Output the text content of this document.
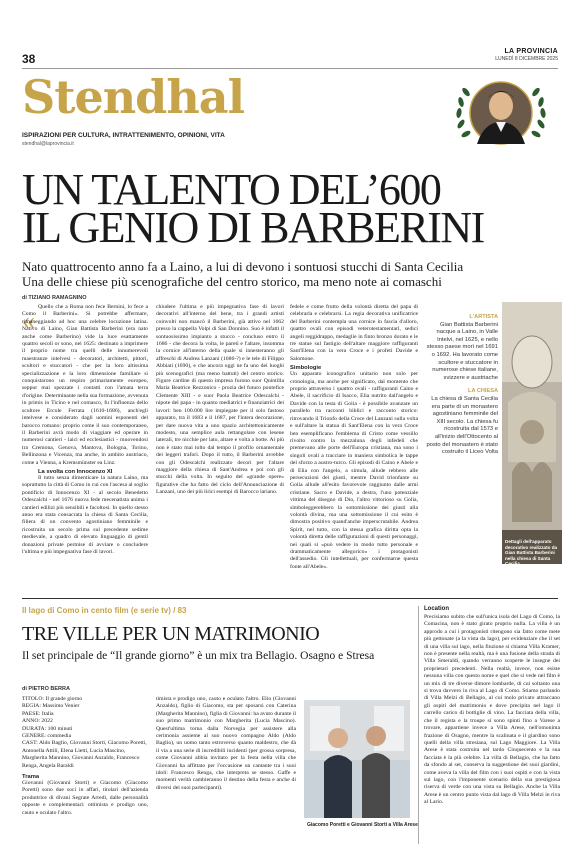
38
LA PROVINCIA
LUNEDÌ 8 DICEMBRE 2025
Stendhal
ISPIRAZIONI PER CULTURA, INTRATTENIMENTO, OPINIONI, VITA
stendhal@laprovincia.it
UN TALENTO DEL’600
IL GENIO DI BARBERINI
Nato quattrocento anno fa a Laino, a lui di devono i sontuosi stucchi di Santa Cecilia
Una delle chiese più scenografiche del centro storico, ma meno note ai comaschi
di TIZIANO RAMAGNINO
« Quello che a Roma non fece Bernini, lo fece a Como il Barberini». Si potrebbe affermare, rimaneggiando ad hoc una celebre locuzione latina. Nativo di Laino, Gian Battista Barberini (era nato anche come Barberino) vide la luce esattamente quattro secoli or sono, nel 1625: destinato a imprimere il proprio nome tra quelli delle innumerevoli maestranze intelvesi - decoratori, architetti, pittori, scultori e stuccatori - che per la loro altissima specializzazione e la loro dimensione familiare si conquistarono un respiro primariamente europeo, seppur mai spezzate i contatti con l'amata terra d'origine. Determinante nella sua formazione, avvenuta in primis in Ticino e nel comasco, fu l'influenza dello scultore Ercole Ferrata (1610-1686), anch'egli intelvese e considerato dagli uomini esponenti del barocco romano: proprio come il suo contemporaneo, il Barberini avrà modo di viaggiare ed operare in numerosi cantieri - laici ed ecclesiastici - muovendosi tra Cremona, Genova, Mantova, Bologna, Torino, Bellinzona e Vicenza, ma anche, in ambito austriaco, come a Vienna, a Kremsmünster ea Linz.

La svolta con Innocenzo XI

Il tutto senza dimenticare la natura Laino, ma soprattutto la città di Como in cui con l'ascesa al soglio pontificio di Innocenzo XI - al secolo Benedetto Odescalchi - nel 1676 nuova fede mecenatista anima i cantieri edilizi più sensibili e facoltosi. In quello stesso anno era stata consacrata la chiesa di Santa Cecilia, filiera di un convento agostiniano femminile e ricostruita un secolo prima sul precedente sedime medievale, a quadro di elevato linguaggio di gentil donazioni private permise di avviare o concludere l'ultima e più impegnativa fase di lavori.

chiudere l'ultima e più impegnativa fase di lavori decorativi all'interno del bene, tra i grandi artisti coinvolti non mancò il Barberini, già attivo nel 1662 presso la cappella Volpi di San Donnino. Suo è infatti il sontuosissimo impianto a stucco - concluso entro il 1686 - che decora la volta, le pareti e l'altare, insomma la cornice all'interno della quale si innesteranno gli affreschi di Andrea Lanzani (1686-?) e le tele di Filippo Abbiati (1690), e che ancora oggi ne fa uno dei luoghi più scenografici (ma meno battuti) del centro storico. Figure cardine di questo impresa furono suor Quintilla Maria Beatrice Rezzonico - prozia del futuro pontefice Clemente XIII - e suor Paola Beatrice Odescalchi - nipote del papa - in quanto mediatrici e finanziatrici dei lavori: ben 100.000 lire impiegate per il solo fastoso apparato, tra il 1683 e il 1687, per l'intera decorazione, per dare nuova vita a uno spazio architettonicamente modesto, una semplice aula rettangolare con lesene laterali, tre nicchie per lato, altare e volta a botte. Ai più non è stato mai tolto dal tempo il profilo ornamentale dei leggeri trafori. Dopo il tutto, il Barberini avrebbe con gli Odescalchi realizzato decori per l'altare maggiore della chiesa di Sant'Andrea e poi con gli stucchi della volta. In seguito del «grande opere» figurative che ha fatto del ciclo dell'Annunciazione di Lanzani, uno dei più lirici esempi di Barocco lariano.

fedele e come frutto della volontà diretta del papa di celebrarla e celebrarsi. La regia decorativa unificatrice del Barberini contempla una cornice in fascia d'alloro, quattro ovali con episodi veterotestamentari, sedici angeli reggidrappo, medaglie in finto bronzo dorato e le tre statue sul fastigio dell'altare maggiore raffiguranti Sant'Elena con la vera Croce e i profeti Davide e Salomone.

Simbologie

Un apparato iconografico unitario non solo per cronologia, ma anche per significato, dal momento che proprio attraverso i quattro ovali - raffiguranti Caino e Abele, il sacrificio di Isacco, Elia nutrito dall'angelo e Davide con la testa di Golia - è possibile avanzare un parallelo tra racconti biblici e racconto storico: ritrovando il Trionfo della Croce del Lanzani sulla volta e sull'altare la statua di Sant'Elena con la vera Croce ben esemplificano l'emblema di Cristo come vessillo rivolto contro la mezzaluna degli infedeli che premevano alle porte dell'Europa cristiana, ma sono i singoli ovali a tracciare in maniera simbolica le tappe del sforzo a austro-turco. Gli episodi di Caino e Abele e di Elia con l'angelo, a simula, allude rebbero alle persecuzioni dei giusti, mentre David trionfante su Golia allude all'esito favorevole raggiunto dalle armi cristiane. Sacro e Davide, a destra, l'uno potenziale vittima del disegno di Dio, l'altro vittorioso su Golia, simboleggerebbero la sottomissione dei giusti alla volontà divina, ma una sottomissione il cui esito è dimostra positivo quand'anche imperscrutabile. Andrea Spirit, nel tutto, con la stessa grafica diritta opta la volontà diretta delle raffigurazioni di questi personaggi, nei quali si «può vedere in modo tutto personale e drammaticamente allegorico» i protagonisti dell'assedio. Gli intellettuali, per confermarne questa fonte all'Abele».

L'ARTISTA
Gian Battista Barberini nacque a Laino, in Valle Intelvi, nel 1625, e nello stesso paese morì nel 1691 o 1692. Ha lavorato come scultore e stuccatore in numerose chiese italiane, svizzere e austriache
LA CHIESA
La chiesa di Santa Cecilia era parte di un monastero agostiniano femminile del XIII secolo. La chiesa fu ricostruita dal 1573 e all'inizio dell'Ottocento al posto del monastero è stato costruito il Liceo Volta
Dettagli dell'apparato decorativo realizzato da Gian Battista Barberini nella chiesa di Santa Cecilia
Il lago di Como in cento film (e serie tv) / 83
TRE VILLE PER UN MATRIMONIO
Il set principale de “Il grande giorno” è un mix tra Bellagio. Osagno e Stresa
di PIETRO BERRA
TITOLO: Il grande giorno
REGIA: Massimo Venier
PAESE: Italia
ANNO: 2022
DURATA: 100 minuti
GENERE: commedia
CAST: Aldo Baglio, Giovanni Storti, Giacomo Poretti, Antonella Attili, Elena Lietti, Lucia Mascino, Margherita Mannino, Giovanni Anzaldo, Francesco Renga, Angela Baraldi
Trama

Giovanni (Giovanni Storti) e Giacomo (Giacomo Poretti) sono due soci in affari, titolari dell'azienda produttrice di divani Segrate Arredi, dalle personalità opposte e complementari: ottimista e prodigo uno, cauto e oculato l'altro.

timista e prodigo uno, cauto e oculato l'altro. Elio (Giovanni Anzaldo), figlio di Giacomo, sta per sposarsi con Caterina (Margherita Mannino), figlia di Giovanni: ha avuto durante il suo primo matrimonio con Margherita (Lucia Mascino). Quest'ultima torna dalla Norvegia per assistere alla cerimonia assieme al suo nuovo compagno Aldo (Aldo Baglio), un uomo tanto estroverso quanto maldestro, che dà il via a una serie di incredibili incidenti (per grossa sorpresa, come Giovanni abbia invitato per la festa nella villa che Giovanni ha affittato per l'occasione un cantante tra i suoi idoli: Francesco Renga, che interpreta se stesso. Gaffe e momenti verità cambieranno il destino della festa e anche di diversi dei suoi partecipanti).

Giacomo Poretti e Giovanni Storti a Villa Arese
Location

Precisiamo subito che sull'unica isola del Lago di Como, la Comacina, non è stato girato proprio nulla. La villa è un approdo a cui i protagonisti ritengono sia fatto come mete più gettonate (a la vista da lago), per evidenziare che il set di una villa sul lago, nella finzione si chiama Villa Kramer, non è presente nella realtà, ma è una fusione della strada di Villa Smeraldi, quando verranno scoperte le insegne dei proprietari precedenti. Nella realtà, invece, non esiste nessuna villa con questo nome e quel che si vede nel film è un mix di tre diverse dimore lombarde, di cui soltanto una si trova davvero in riva al Lago di Como. Stiamo parlando di Villa Melzi di Bellagio, al cui molo privato attraccano gli ospiti del matrimonio e dove precipita nel lago il carrello carico di bottiglie di vino. La facciata della villa, che il regista e la troupe si sono spinti fino a Varese a trovare, appartiene invece a Villa Arese, nell'omonima frazione di Osagno, mentre la scalinata e il giardino sono quelli della villa stresiana, sul Lago Maggiore. La Villa Arese è stata costruita nel tardo Cinquecento e la sua facciata è la più celebre. La villa di Bellagio, che ha fatto da sfondo al set, conserva la suggestione dei suoi giardini, come aveva la villa del film con i suoi ospiti e con la vista sul lago, con l'imponente scenario della sua prestigiosa riserva di verde con una vista su Bellagio. Anche la Villa Arese è un centro punto vista dal lago di Villa Melzi in riva al Lario.
